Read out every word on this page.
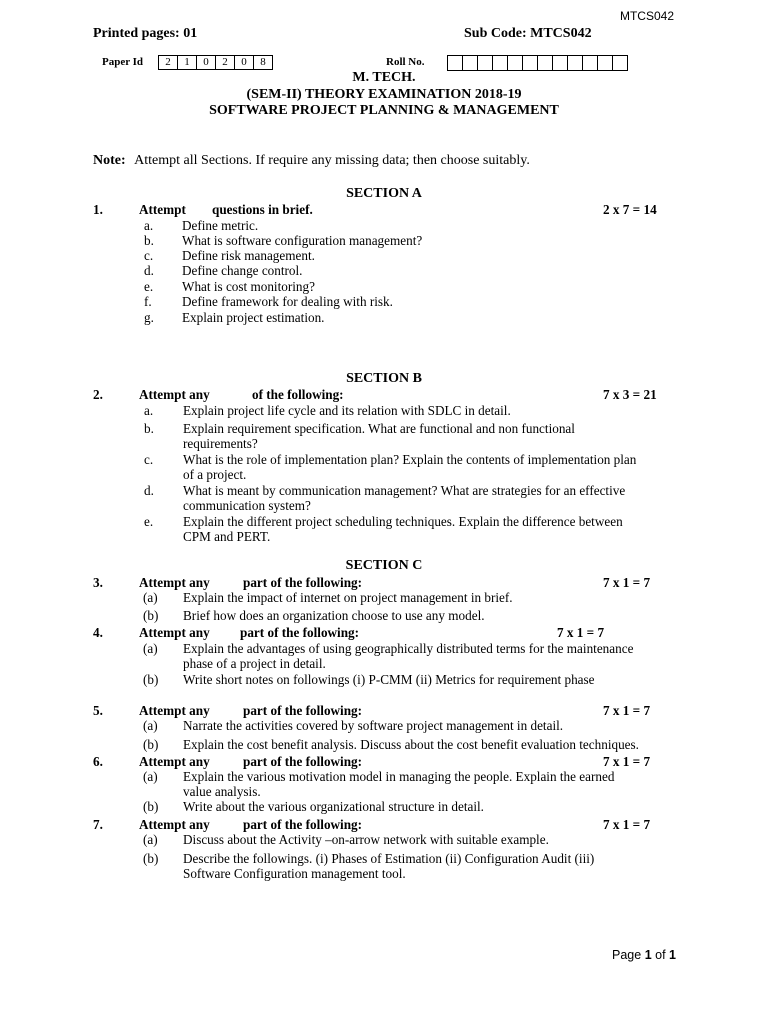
MTCS042
Printed pages: 01	Sub Code: MTCS042
Paper Id	2	1	0	2	0	8	Roll No.
M. TECH.
(SEM-II) THEORY EXAMINATION 2018-19
SOFTWARE PROJECT PLANNING & MANAGEMENT
Note: Attempt all Sections. If require any missing data; then choose suitably.
SECTION A
1.	Attempt questions in brief.	2 x 7 = 14
a. Define metric.
b. What is software configuration management?
c. Define risk management.
d. Define change control.
e. What is cost monitoring?
f. Define framework for dealing with risk.
g. Explain project estimation.
SECTION B
2.	Attempt any	of the following:	7 x 3 = 21
a. Explain project life cycle and its relation with SDLC in detail.
b. Explain requirement specification. What are functional and non functional
requirements?
c. What is the role of implementation plan? Explain the contents of implementation plan
of a project.
d. What is meant by communication management? What are strategies for an effective
communication system?
e. Explain the different project scheduling techniques. Explain the difference between
CPM and PERT.
SECTION C
3.	Attempt any	part of the following:	7 x 1 = 7
(a) Explain the impact of internet on project management in brief.
(b) Brief how does an organization choose to use any model.
4.	Attempt any part of the following:	7 x 1 = 7
(a) Explain the advantages of using geographically distributed terms for the maintenance
phase of a project in detail.
(b) Write short notes on followings (i) P-CMM (ii) Metrics for requirement phase
5.	Attempt any	part of the following:	7 x 1 = 7
(a) Narrate the activities covered by software project management in detail.
(b) Explain the cost benefit analysis. Discuss about the cost benefit evaluation techniques.
6.	Attempt any	part of the following:	7 x 1 = 7
(a) Explain the various motivation model in managing the people. Explain the earned
value analysis.
(b) Write about the various organizational structure in detail.
7.	Attempt any	part of the following:	7 x 1 = 7
(a) Discuss about the Activity –on-arrow network with suitable example.
(b) Describe the followings. (i) Phases of Estimation (ii) Configuration Audit (iii)
Software Configuration management tool.
Page 1 of 1
